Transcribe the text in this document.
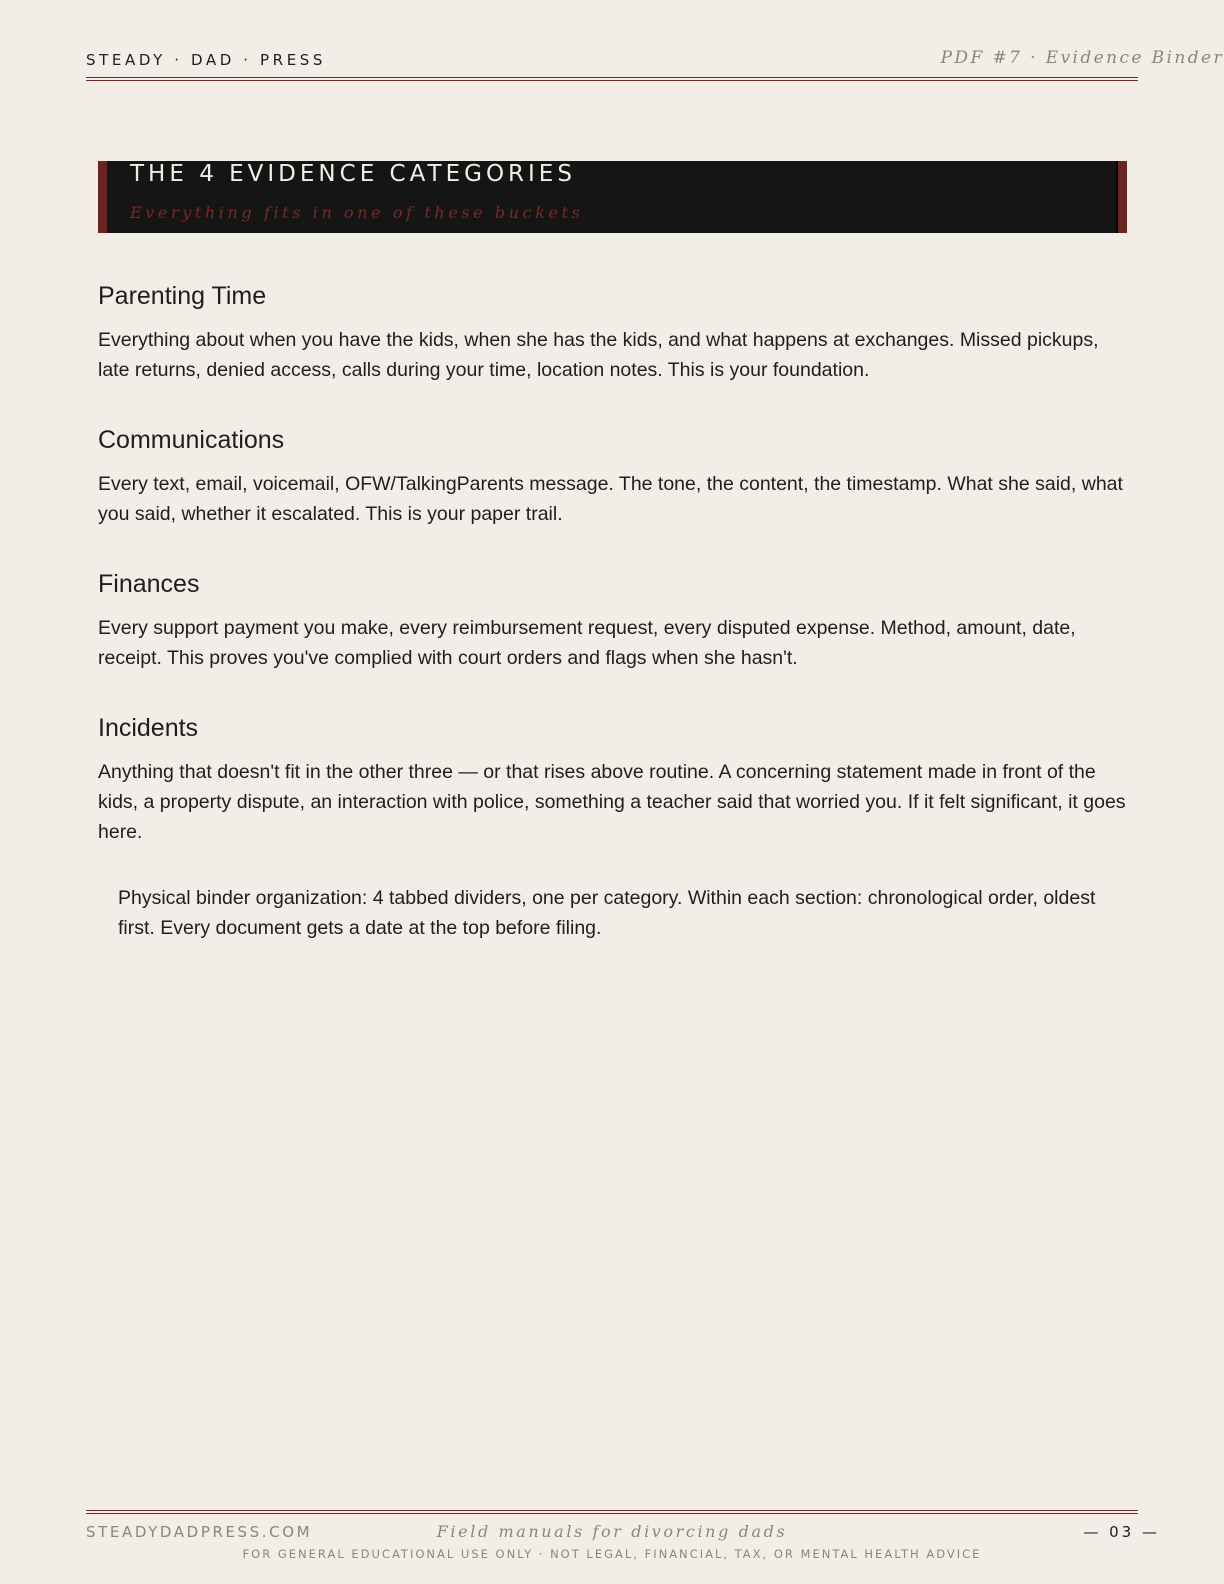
STEADY · DAD · PRESS	PDF #7 · Evidence Binder
THE 4 EVIDENCE CATEGORIES
Everything fits in one of these buckets
Parenting Time

Everything about when you have the kids, when she has the kids, and what happens at exchanges. Missed pickups, late returns, denied access, calls during your time, location notes. This is your foundation.

Communications

Every text, email, voicemail, OFW/TalkingParents message. The tone, the content, the timestamp. What she said, what you said, whether it escalated. This is your paper trail.

Finances

Every support payment you make, every reimbursement request, every disputed expense. Method, amount, date, receipt. This proves you've complied with court orders and flags when she hasn't.

Incidents

Anything that doesn't fit in the other three — or that rises above routine. A concerning statement made in front of the kids, a property dispute, an interaction with police, something a teacher said that worried you. If it felt significant, it goes here.

Physical binder organization: 4 tabbed dividers, one per category. Within each section: chronological order, oldest first. Every document gets a date at the top before filing.
STEADYDADPRESS.COM	Field manuals for divorcing dads	— 03 —
FOR GENERAL EDUCATIONAL USE ONLY · NOT LEGAL, FINANCIAL, TAX, OR MENTAL HEALTH ADVICE
